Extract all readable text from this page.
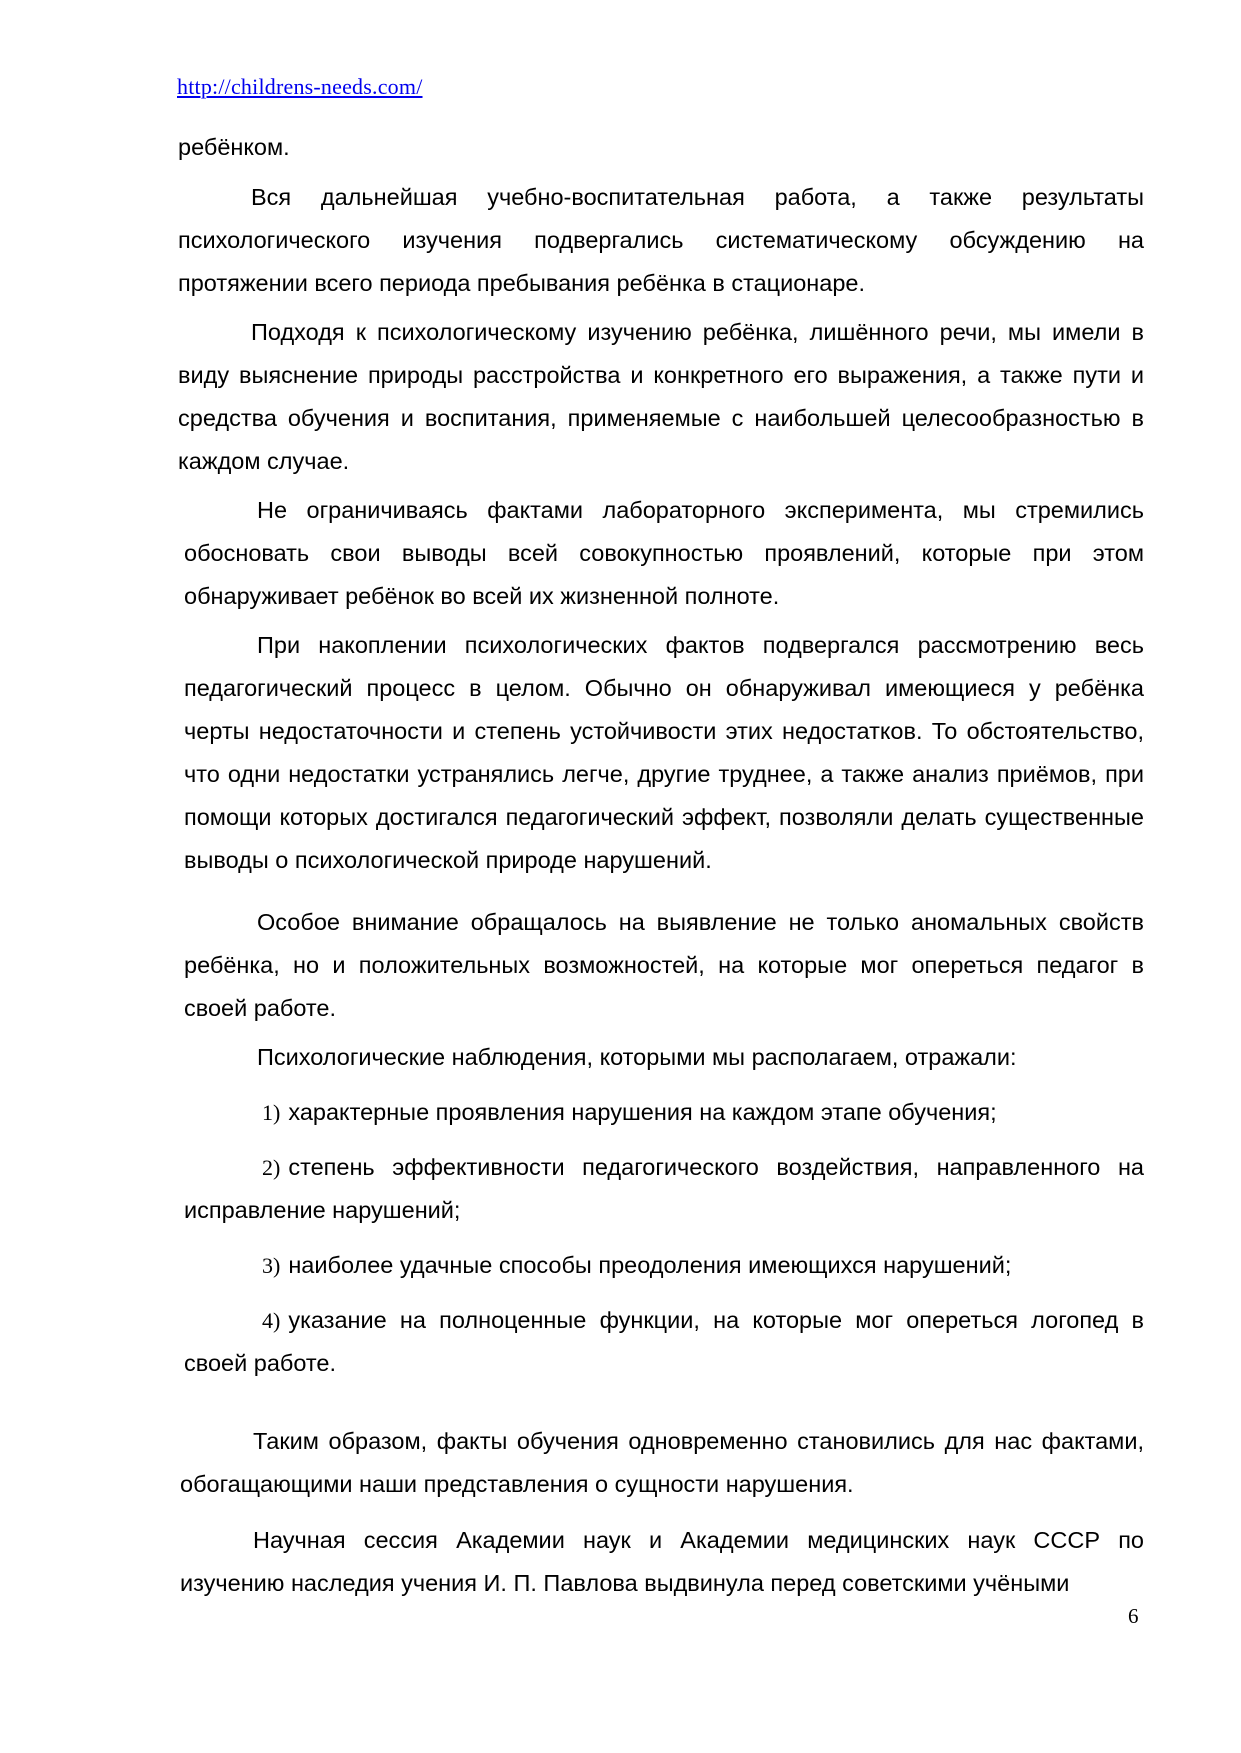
http://childrens-needs.com/

ребёнком.

Вся дальнейшая учебно-воспитательная работа, а также результаты психологического изучения подвергались систематическому обсуждению на протяжении всего периода пребывания ребёнка в стационаре.

Подходя к психологическому изучению ребёнка, лишённого речи, мы имели в виду выяснение природы расстройства и конкретного его выражения, а также пути и средства обучения и воспитания, применяемые с наибольшей целесообразностью в каждом случае.

Не ограничиваясь фактами лабораторного эксперимента, мы стремились обосновать свои выводы всей совокупностью проявлений, которые при этом обнаруживает ребёнок во всей их жизненной полноте.

При накоплении психологических фактов подвергался рассмотрению весь педагогический процесс в целом. Обычно он обнаруживал имеющиеся у ребёнка черты недостаточности и степень устойчивости этих недостатков. То обстоятельство, что одни недостатки устранялись легче, другие труднее, а также анализ приёмов, при помощи которых достигался педагогический эффект, позволяли делать существенные выводы о психологической природе нарушений.

Особое внимание обращалось на выявление не только аномальных свойств ребёнка, но и положительных возможностей, на которые мог опереться педагог в своей работе.

Психологические наблюдения, которыми мы располагаем, отражали:

1) характерные проявления нарушения на каждом этапе обучения;

2) степень эффективности педагогического воздействия, направленного на исправление нарушений;

3) наиболее удачные способы преодоления имеющихся нарушений;

4) указание на полноценные функции, на которые мог опереться логопед в своей работе.

Таким образом, факты обучения одновременно становились для нас фактами, обогащающими наши представления о сущности нарушения.

Научная сессия Академии наук и Академии медицинских наук СССР по изучению наследия учения И. П. Павлова выдвинула перед советскими учёными

6
